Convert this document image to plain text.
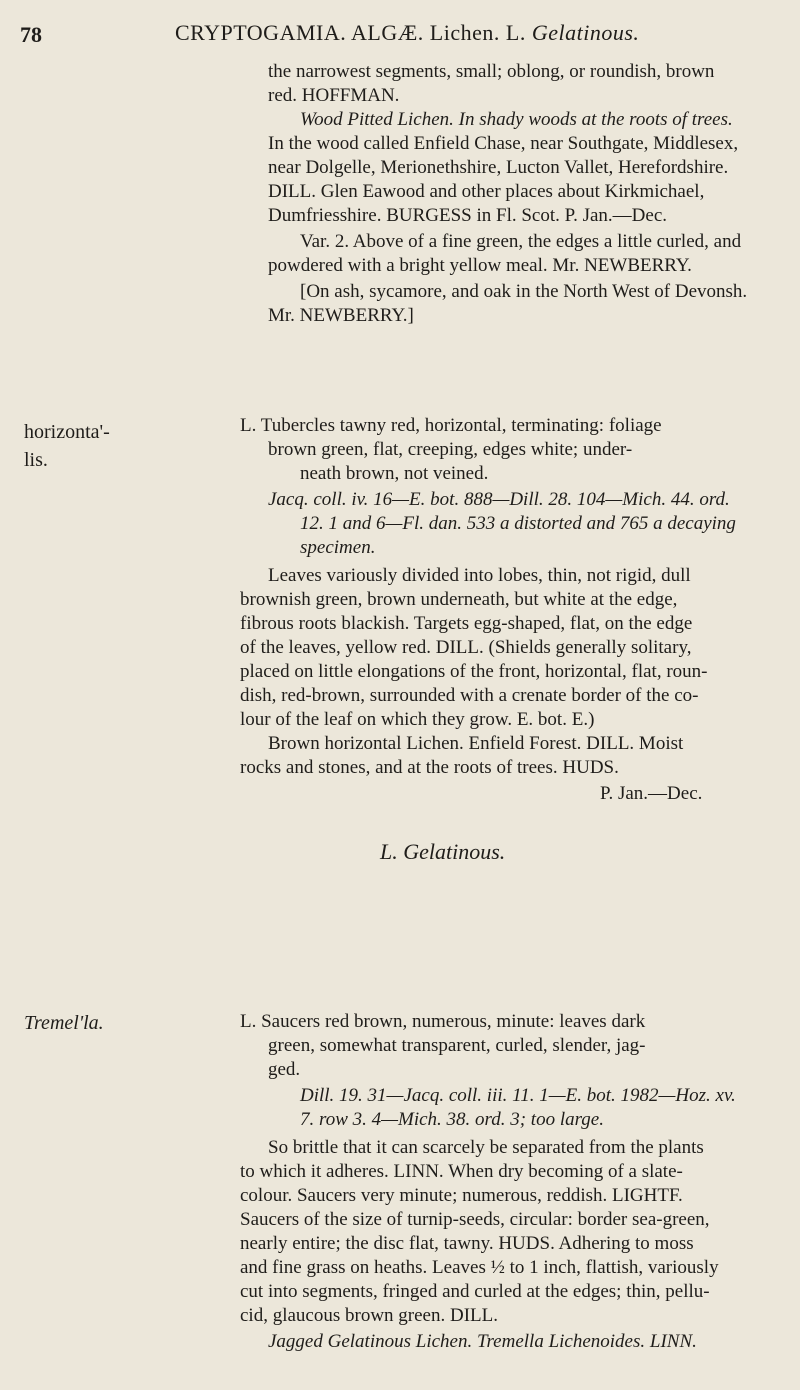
78	CRYPTOGAMIA. ALGÆ. Lichen. L. Gelatinous.
horizonta'-
lis.
Tremel'la.
the narrowest segments, small; oblong, or roundish, brown
red. HOFFMAN.
Wood Pitted Lichen. In shady woods at the roots of trees.
In the wood called Enfield Chase, near Southgate, Middlesex,
near Dolgelle, Merionethshire, Lucton Vallet, Herefordshire.
DILL. Glen Eawood and other places about Kirkmichael,
Dumfriesshire. BURGESS in Fl. Scot. P. Jan.—Dec.
Var. 2. Above of a fine green, the edges a little curled, and
powdered with a bright yellow meal. Mr. NEWBERRY.
[On ash, sycamore, and oak in the North West of Devonsh.
Mr. NEWBERRY.]
L. Tubercles tawny red, horizontal, terminating: foliage
brown green, flat, creeping, edges white; under-
neath brown, not veined.
Jacq. coll. iv. 16—E. bot. 888—Dill. 28. 104—Mich. 44. ord.
12. 1 and 6—Fl. dan. 533 a distorted and 765 a decaying
specimen.
Leaves variously divided into lobes, thin, not rigid, dull
brownish green, brown underneath, but white at the edge,
fibrous roots blackish. Targets egg-shaped, flat, on the edge
of the leaves, yellow red. DILL. (Shields generally solitary,
placed on little elongations of the front, horizontal, flat, roun-
dish, red-brown, surrounded with a crenate border of the co-
lour of the leaf on which they grow. E. bot. E.)
Brown horizontal Lichen. Enfield Forest. DILL. Moist
rocks and stones, and at the roots of trees. HUDS.
P. Jan.—Dec.
L. Gelatinous.
L. Saucers red brown, numerous, minute: leaves dark
green, somewhat transparent, curled, slender, jag-
ged.
Dill. 19. 31—Jacq. coll. iii. 11. 1—E. bot. 1982—Hoz. xv.
7. row 3. 4—Mich. 38. ord. 3; too large.
So brittle that it can scarcely be separated from the plants
to which it adheres. LINN. When dry becoming of a slate-
colour. Saucers very minute; numerous, reddish. LIGHTF.
Saucers of the size of turnip-seeds, circular: border sea-green,
nearly entire; the disc flat, tawny. HUDS. Adhering to moss
and fine grass on heaths. Leaves ½ to 1 inch, flattish, variously
cut into segments, fringed and curled at the edges; thin, pellu-
cid, glaucous brown green. DILL.
Jagged Gelatinous Lichen. Tremella Lichenoides. LINN.
